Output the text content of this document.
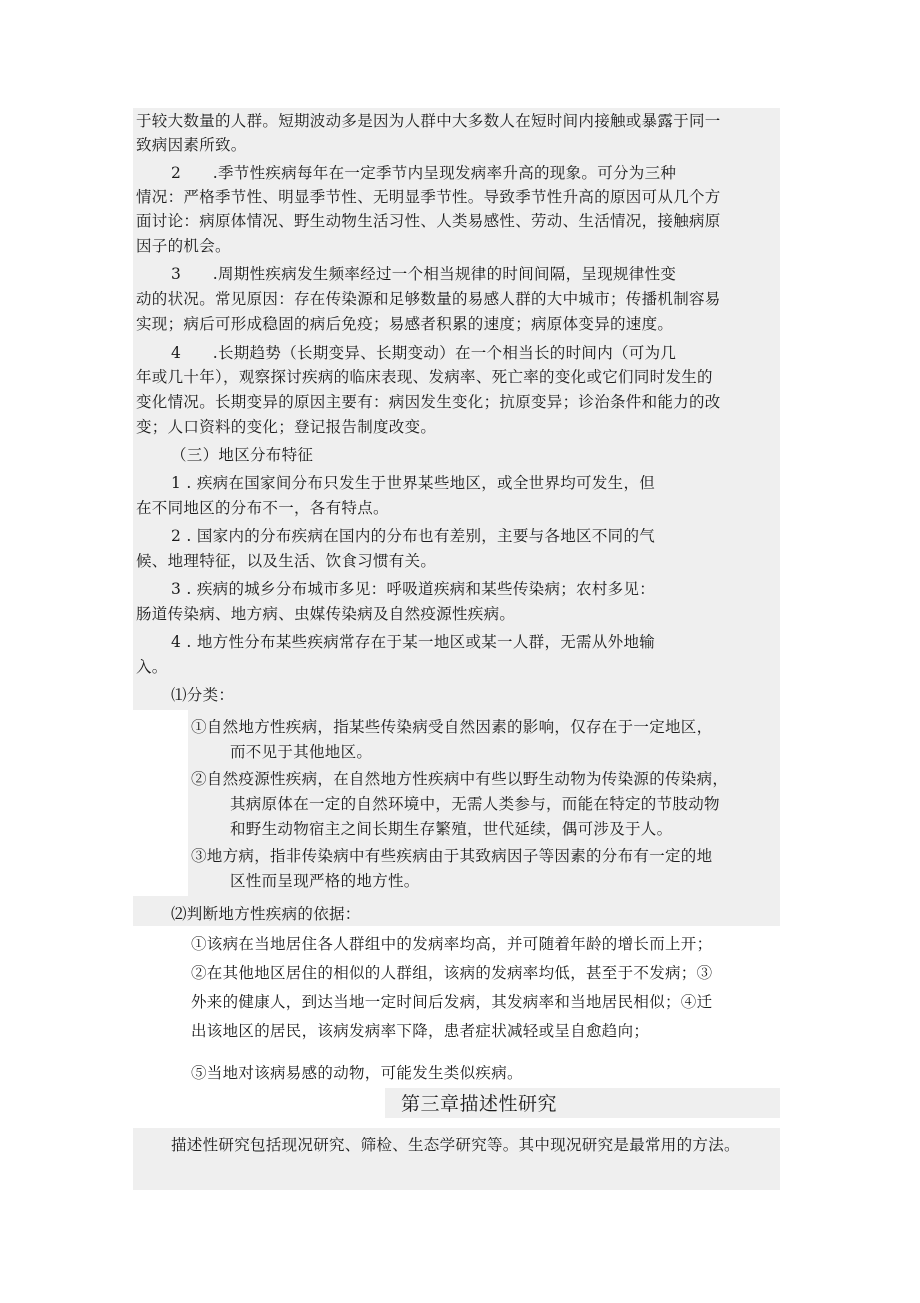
于较大数量的人群。短期波动多是因为人群中大多数人在短时间内接触或暴露于同一
致病因素所致。
2　　.季节性疾病每年在一定季节内呈现发病率升高的现象。可分为三种
情况：严格季节性、明显季节性、无明显季节性。导致季节性升高的原因可从几个方
面讨论：病原体情况、野生动物生活习性、人类易感性、劳动、生活情况，接触病原
因子的机会。
3　　.周期性疾病发生频率经过一个相当规律的时间间隔，呈现规律性变
动的状况。常见原因：存在传染源和足够数量的易感人群的大中城市；传播机制容易
实现；病后可形成稳固的病后免疫；易感者积累的速度；病原体变异的速度。
4　　.长期趋势（长期变异、长期变动）在一个相当长的时间内（可为几
年或几十年），观察探讨疾病的临床表现、发病率、死亡率的变化或它们同时发生的
变化情况。长期变异的原因主要有：病因发生变化；抗原变异；诊治条件和能力的改
变；人口资料的变化；登记报告制度改变。
（三）地区分布特征
1 . 疾病在国家间分布只发生于世界某些地区，或全世界均可发生，但
在不同地区的分布不一，各有特点。
2 . 国家内的分布疾病在国内的分布也有差别，主要与各地区不同的气
候、地理特征，以及生活、饮食习惯有关。
3 . 疾病的城乡分布城市多见：呼吸道疾病和某些传染病；农村多见：
肠道传染病、地方病、虫媒传染病及自然疫源性疾病。
4 . 地方性分布某些疾病常存在于某一地区或某一人群，无需从外地输
入。
⑴分类：
①自然地方性疾病，指某些传染病受自然因素的影响，仅存在于一定地区，
而不见于其他地区。
②自然疫源性疾病，在自然地方性疾病中有些以野生动物为传染源的传染病，
其病原体在一定的自然环境中，无需人类参与，而能在特定的节肢动物
和野生动物宿主之间长期生存繁殖，世代延续，偶可涉及于人。
③地方病，指非传染病中有些疾病由于其致病因子等因素的分布有一定的地
区性而呈现严格的地方性。
⑵判断地方性疾病的依据：
①该病在当地居住各人群组中的发病率均高，并可随着年龄的增长而上开；
②在其他地区居住的相似的人群组，该病的发病率均低，甚至于不发病；③
外来的健康人，到达当地一定时间后发病，其发病率和当地居民相似；④迁
出该地区的居民，该病发病率下降，患者症状减轻或呈自愈趋向；
⑤当地对该病易感的动物，可能发生类似疾病。
第三章描述性研究
描述性研究包括现况研究、筛检、生态学研究等。其中现况研究是最常用的方法。
